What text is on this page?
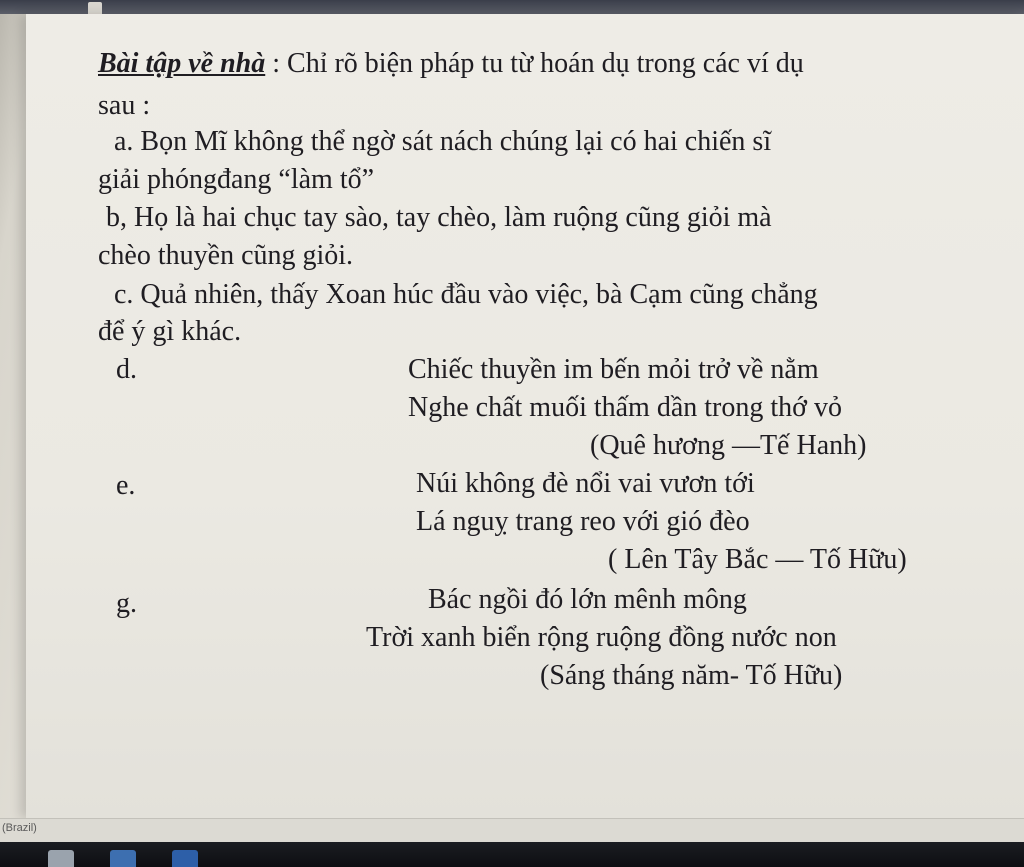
Bài tập về nhà : Chỉ rõ biện pháp tu từ hoán dụ trong các ví dụ
sau :
a. Bọn Mĩ không thể ngờ sát nách chúng lại có hai chiến sĩ
giải phóngđang “làm tổ”
b, Họ là hai chục tay sào, tay chèo, làm ruộng cũng giỏi mà
chèo thuyền cũng giỏi.
c. Quả nhiên, thấy Xoan húc đầu vào việc, bà Cạm cũng chẳng
để ý gì khác.
d.	Chiếc thuyền im bến mỏi trở về nằm
Nghe chất muối thấm dần trong thớ vỏ
(Quê hương —Tế Hanh)
e.	Núi không đè nổi vai vươn tới
Lá nguỵ trang reo với gió đèo
( Lên Tây Bắc — Tố Hữu)
g.	Bác ngồi đó lớn mênh mông
Trời xanh biển rộng ruộng đồng nước non
(Sáng tháng năm- Tố Hữu)
(Brazil)
